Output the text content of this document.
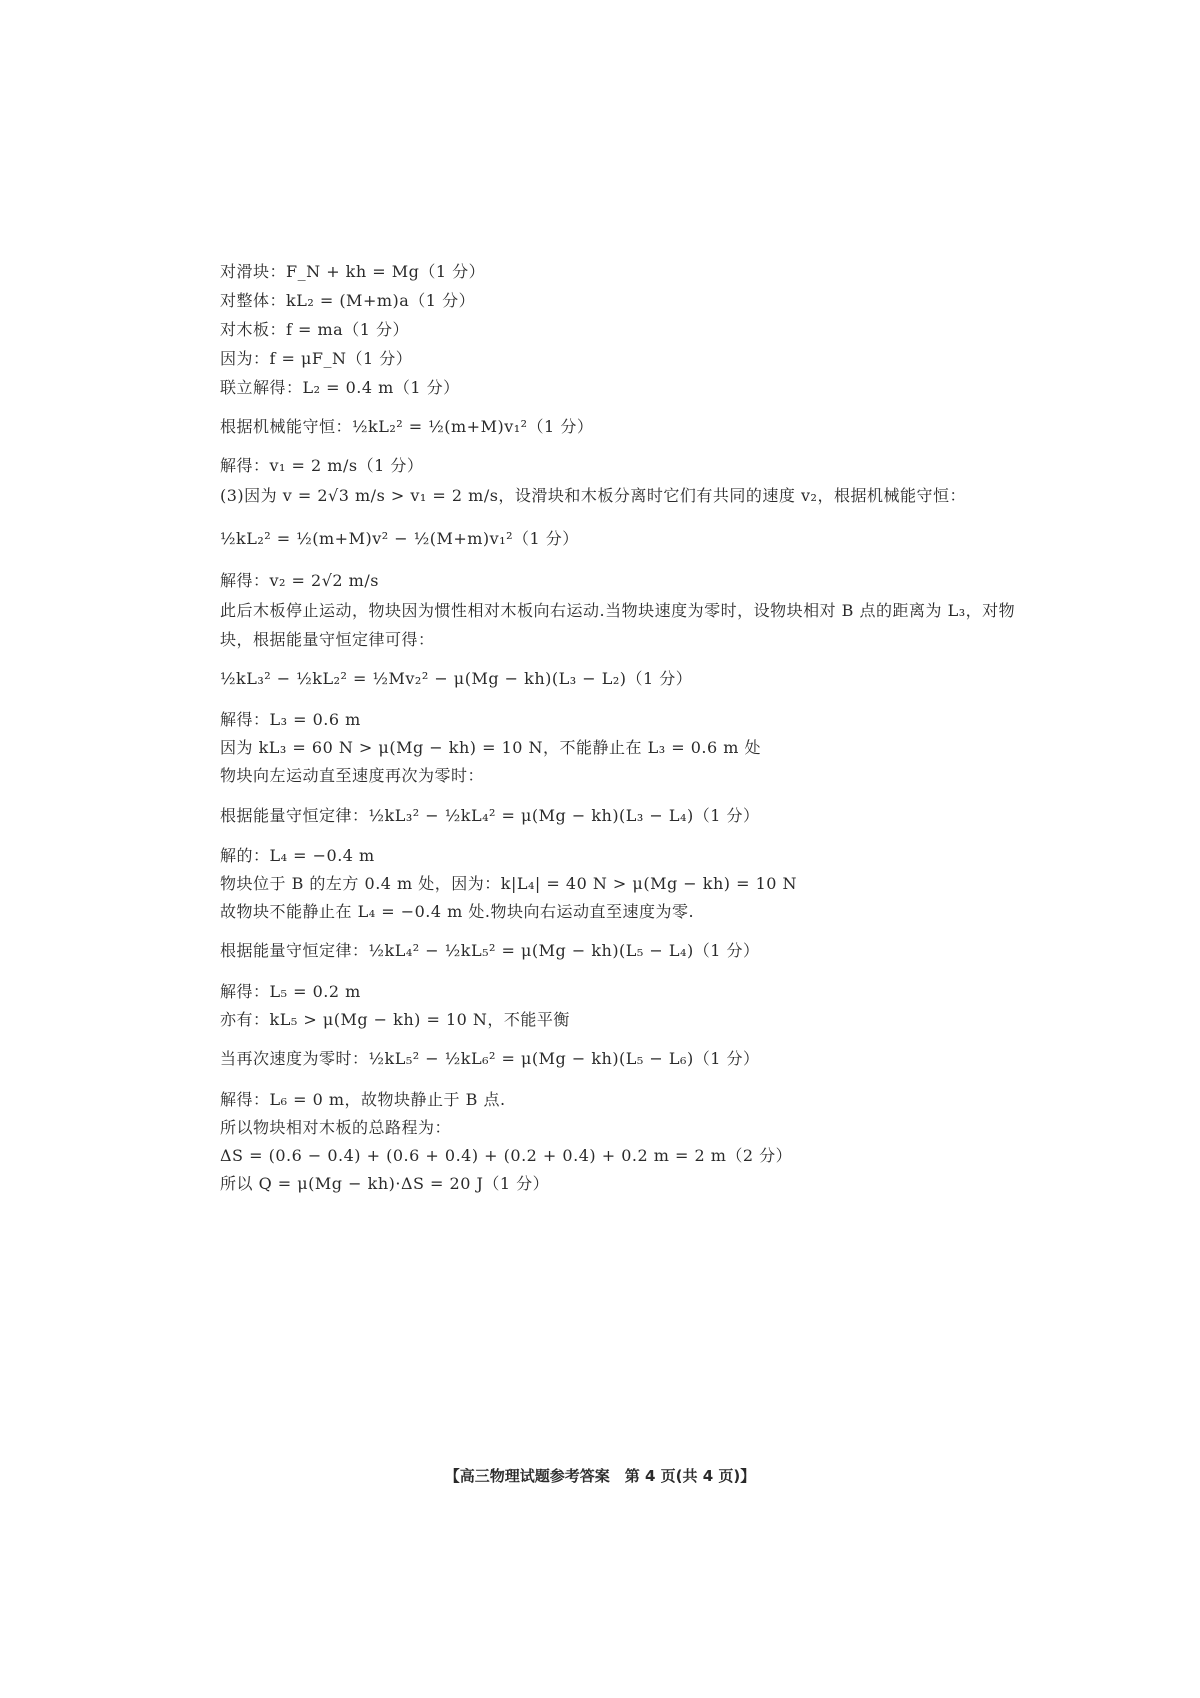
对滑块：F_N + kh = Mg（1 分）
对整体：kL₂ = (M+m)a（1 分）
对木板：f = ma（1 分）
因为：f = μF_N（1 分）
联立解得：L₂ = 0.4 m（1 分）
根据机械能守恒：½kL₂² = ½(m+M)v₁²（1 分）
解得：v₁ = 2 m/s（1 分）
(3)因为 v = 2√3 m/s > v₁ = 2 m/s，设滑块和木板分离时它们有共同的速度 v₂，根据机械能守恒：
½kL₂² = ½(m+M)v² − ½(M+m)v₁²（1 分）
解得：v₂ = 2√2 m/s
此后木板停止运动，物块因为惯性相对木板向右运动.当物块速度为零时，设物块相对 B 点的距离为 L₃，对物
块，根据能量守恒定律可得：
½kL₃² − ½kL₂² = ½Mv₂² − μ(Mg − kh)(L₃ − L₂)（1 分）
解得：L₃ = 0.6 m
因为 kL₃ = 60 N > μ(Mg − kh) = 10 N，不能静止在 L₃ = 0.6 m 处
物块向左运动直至速度再次为零时：
根据能量守恒定律：½kL₃² − ½kL₄² = μ(Mg − kh)(L₃ − L₄)（1 分）
解的：L₄ = −0.4 m
物块位于 B 的左方 0.4 m 处，因为：k|L₄| = 40 N > μ(Mg − kh) = 10 N
故物块不能静止在 L₄ = −0.4 m 处.物块向右运动直至速度为零.
根据能量守恒定律：½kL₄² − ½kL₅² = μ(Mg − kh)(L₅ − L₄)（1 分）
解得：L₅ = 0.2 m
亦有：kL₅ > μ(Mg − kh) = 10 N，不能平衡
当再次速度为零时：½kL₅² − ½kL₆² = μ(Mg − kh)(L₅ − L₆)（1 分）
解得：L₆ = 0 m，故物块静止于 B 点.
所以物块相对木板的总路程为：
ΔS = (0.6 − 0.4) + (0.6 + 0.4) + (0.2 + 0.4) + 0.2 m = 2 m（2 分）
所以 Q = μ(Mg − kh)·ΔS = 20 J（1 分）
【高三物理试题参考答案　第 4 页(共 4 页)】
